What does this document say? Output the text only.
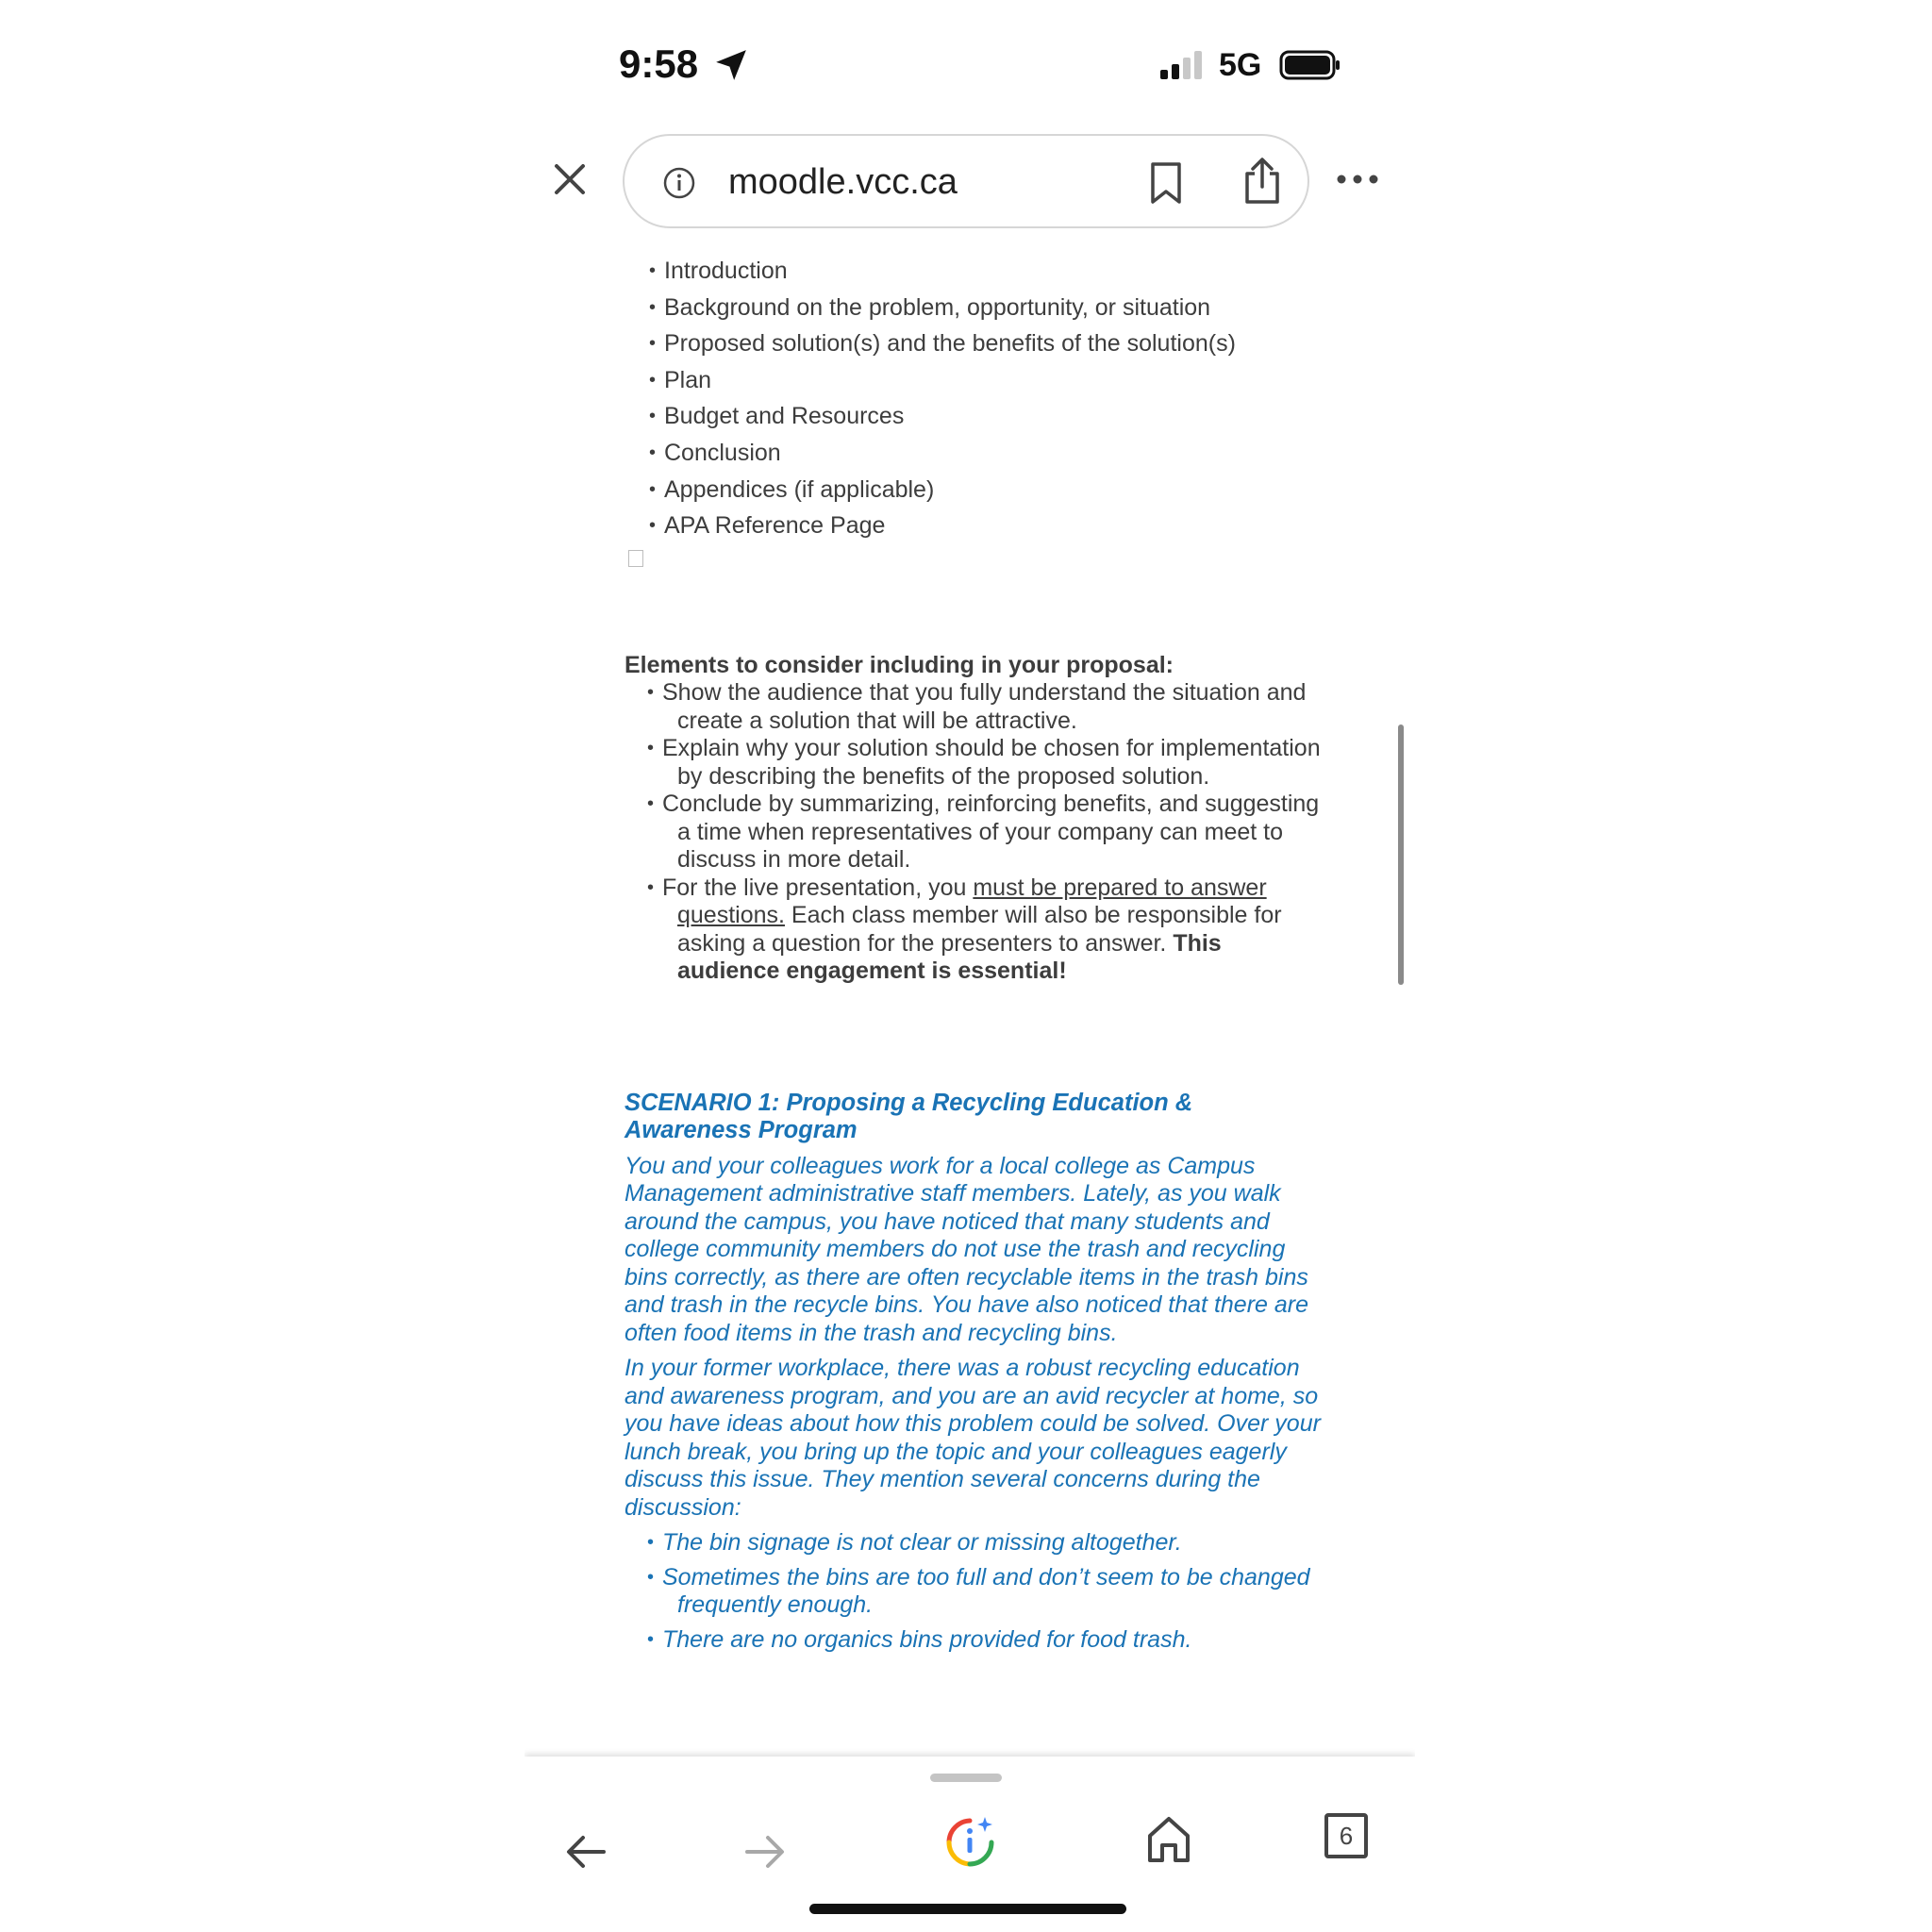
9:58	5G
moodle.vcc.ca
• Introduction
• Background on the problem, opportunity, or situation
• Proposed solution(s) and the benefits of the solution(s)
• Plan
• Budget and Resources
• Conclusion
• Appendices (if applicable)
• APA Reference Page
Elements to consider including in your proposal:
• Show the audience that you fully understand the situation and create a solution that will be attractive.
• Explain why your solution should be chosen for implementation by describing the benefits of the proposed solution.
• Conclude by summarizing, reinforcing benefits, and suggesting a time when representatives of your company can meet to discuss in more detail.
• For the live presentation, you must be prepared to answer questions. Each class member will also be responsible for asking a question for the presenters to answer. This audience engagement is essential!
SCENARIO 1: Proposing a Recycling Education & Awareness Program

You and your colleagues work for a local college as Campus Management administrative staff members. Lately, as you walk around the campus, you have noticed that many students and college community members do not use the trash and recycling bins correctly, as there are often recyclable items in the trash bins and trash in the recycle bins. You have also noticed that there are often food items in the trash and recycling bins.

In your former workplace, there was a robust recycling education and awareness program, and you are an avid recycler at home, so you have ideas about how this problem could be solved. Over your lunch break, you bring up the topic and your colleagues eagerly discuss this issue. They mention several concerns during the discussion:

• The bin signage is not clear or missing altogether.
• Sometimes the bins are too full and don’t seem to be changed frequently enough.
• There are no organics bins provided for food trash.
6
